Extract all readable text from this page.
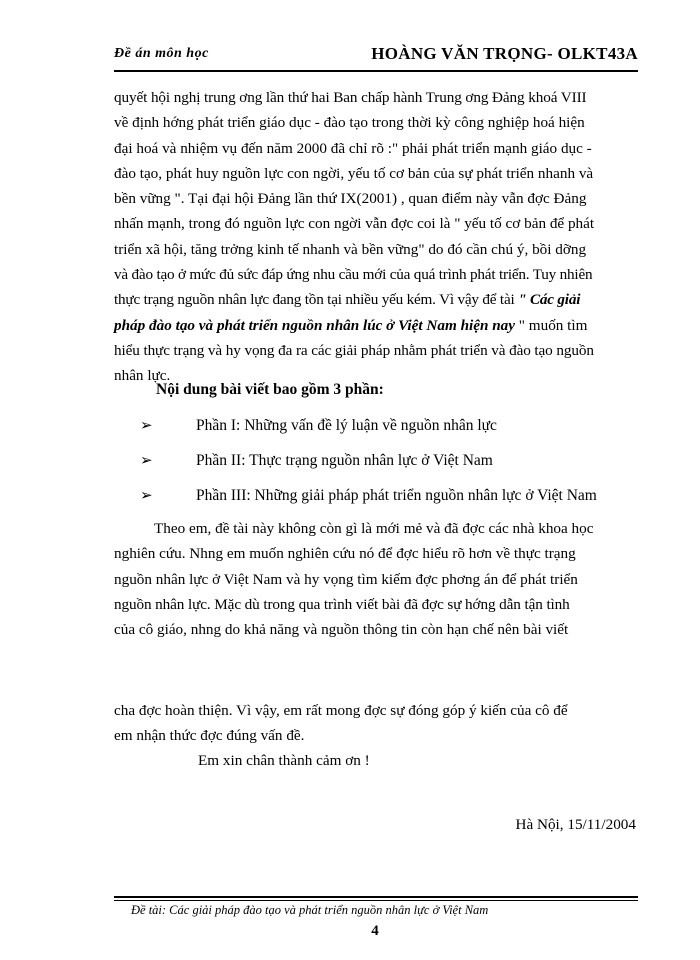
Đề án môn học	HOÀNG VĂN TRỌNG- OLKT43A
quyết hội nghị trung ơng lần thứ hai Ban chấp hành Trung ơng Đảng khoá VIII
về định hớng phát triển giáo dục - đào tạo trong thời kỳ công nghiệp hoá hiện
đại hoá và nhiệm vụ đến năm 2000 đã chỉ rõ :" phải phát triển mạnh giáo dục -
đào tạo, phát huy nguồn lực con ngời, yếu tố cơ bản của sự phát triển nhanh và
bền vững ". Tại đại hội Đảng lần thứ IX(2001) , quan điểm này vẫn đợc Đảng
nhấn mạnh, trong đó nguồn lực con ngời vẫn đợc coi là " yếu tố cơ bản để phát
triển xã hội, tăng trởng kinh tế nhanh và bền vững" do đó cần chú ý, bồi dỡng
và đào tạo ở mức đủ sức đáp ứng nhu cầu mới của quá trình phát triển. Tuy nhiên
thực trạng nguồn nhân lực đang tồn tại nhiều yếu kém. Vì vậy để tài " Các giải
pháp đào tạo và phát triển nguồn nhân lúc ở Việt Nam hiện nay " muốn tìm
hiểu thực trạng và hy vọng đa ra các giải pháp nhằm phát triển và đào tạo nguồn
nhân lực.
Nội dung bài viết bao gồm 3 phần:
➢	Phần I: Những vấn đề lý luận về nguồn nhân lực
➢	Phần II: Thực trạng nguồn nhân lực ở Việt Nam
➢	Phần III: Những giải pháp phát triển nguồn nhân lực ở Việt Nam
Theo em, đề tài này không còn gì là mới mẻ và đã đợc các nhà khoa học
nghiên cứu. Nhng em muốn nghiên cứu nó để đợc hiểu rõ hơn về thực trạng
nguồn nhân lực ở Việt Nam và hy vọng tìm kiếm đợc phơng án để phát triển
nguồn nhân lực. Mặc dù trong qua trình viết bài đã đợc sự hớng dẫn tận tình
của cô giáo, nhng do khả năng và nguồn thông tin còn hạn chế nên bài viết
cha đợc hoàn thiện. Vì vậy, em rất mong đợc sự đóng góp ý kiến của cô để
em nhận thức đợc đúng vấn đề.
Em xin chân thành cảm ơn !
Hà Nội, 15/11/2004
Đề tài: Các giải pháp đào tạo và phát triển nguồn nhân lực ở Việt Nam
4
